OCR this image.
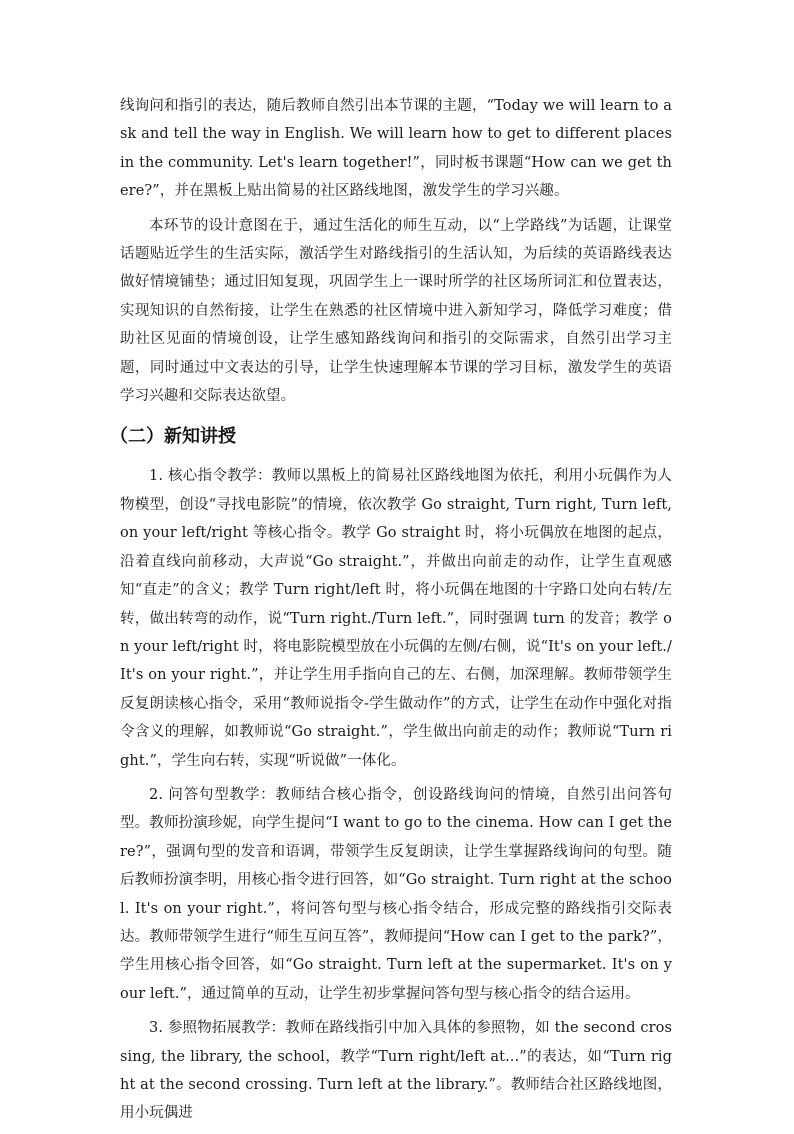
线询问和指引的表达，随后教师自然引出本节课的主题，“Today we will learn to ask and tell the way in English. We will learn how to get to different places in the community. Let's learn together!”，同时板书课题“How can we get there?”，并在黑板上贴出简易的社区路线地图，激发学生的学习兴趣。

本环节的设计意图在于，通过生活化的师生互动，以“上学路线”为话题，让课堂话题贴近学生的生活实际，激活学生对路线指引的生活认知，为后续的英语路线表达做好情境铺垫；通过旧知复现，巩固学生上一课时所学的社区场所词汇和位置表达，实现知识的自然衔接，让学生在熟悉的社区情境中进入新知学习，降低学习难度；借助社区见面的情境创设，让学生感知路线询问和指引的交际需求，自然引出学习主题，同时通过中文表达的引导，让学生快速理解本节课的学习目标，激发学生的英语学习兴趣和交际表达欲望。

（二）新知讲授

1. 核心指令教学：教师以黑板上的简易社区路线地图为依托，利用小玩偶作为人物模型，创设“寻找电影院”的情境，依次教学 Go straight, Turn right, Turn left, on your left/right 等核心指令。教学 Go straight 时，将小玩偶放在地图的起点，沿着直线向前移动，大声说“Go straight.”，并做出向前走的动作，让学生直观感知“直走”的含义；教学 Turn right/left 时，将小玩偶在地图的十字路口处向右转/左转，做出转弯的动作，说“Turn right./Turn left.”，同时强调 turn 的发音；教学 on your left/right 时，将电影院模型放在小玩偶的左侧/右侧，说“It's on your left./It's on your right.”，并让学生用手指向自己的左、右侧，加深理解。教师带领学生反复朗读核心指令，采用“教师说指令-学生做动作”的方式，让学生在动作中强化对指令含义的理解，如教师说“Go straight.”，学生做出向前走的动作；教师说“Turn right.”，学生向右转，实现“听说做”一体化。

2. 问答句型教学：教师结合核心指令，创设路线询问的情境，自然引出问答句型。教师扮演珍妮，向学生提问“I want to go to the cinema. How can I get there?”，强调句型的发音和语调，带领学生反复朗读，让学生掌握路线询问的句型。随后教师扮演李明，用核心指令进行回答，如“Go straight. Turn right at the school. It's on your right.”，将问答句型与核心指令结合，形成完整的路线指引交际表达。教师带领学生进行“师生互问互答”，教师提问“How can I get to the park?”，学生用核心指令回答，如“Go straight. Turn left at the supermarket. It's on your left.”，通过简单的互动，让学生初步掌握问答句型与核心指令的结合运用。

3. 参照物拓展教学：教师在路线指引中加入具体的参照物，如 the second crossing, the library, the school，教学“Turn right/left at...”的表达，如“Turn right at the second crossing. Turn left at the library.”。教师结合社区路线地图，用小玩偶进
